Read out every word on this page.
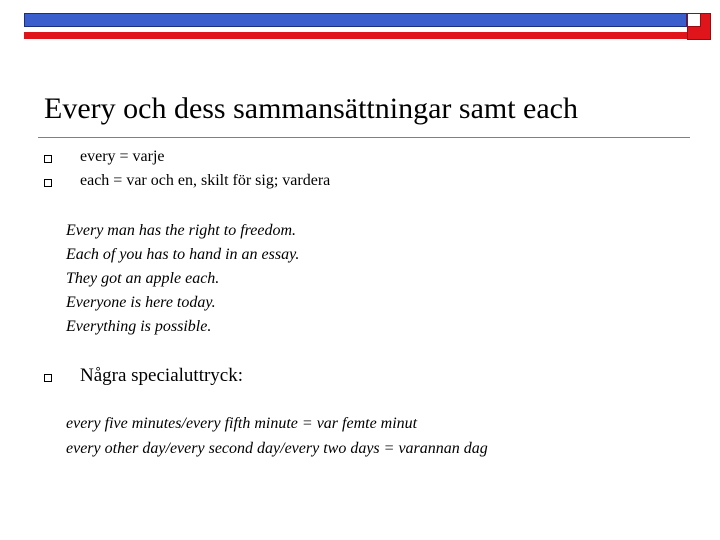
Every och dess sammansättningar samt each
every = varje
each = var och en, skilt för sig; vardera
Every man has the right to freedom.
Each of you has to hand in an essay.
They got an apple each.
Everyone is here today.
Everything is possible.
Några specialuttryck:
every five minutes/every fifth minute = var femte minut
every other day/every second day/every two days = varannan dag
